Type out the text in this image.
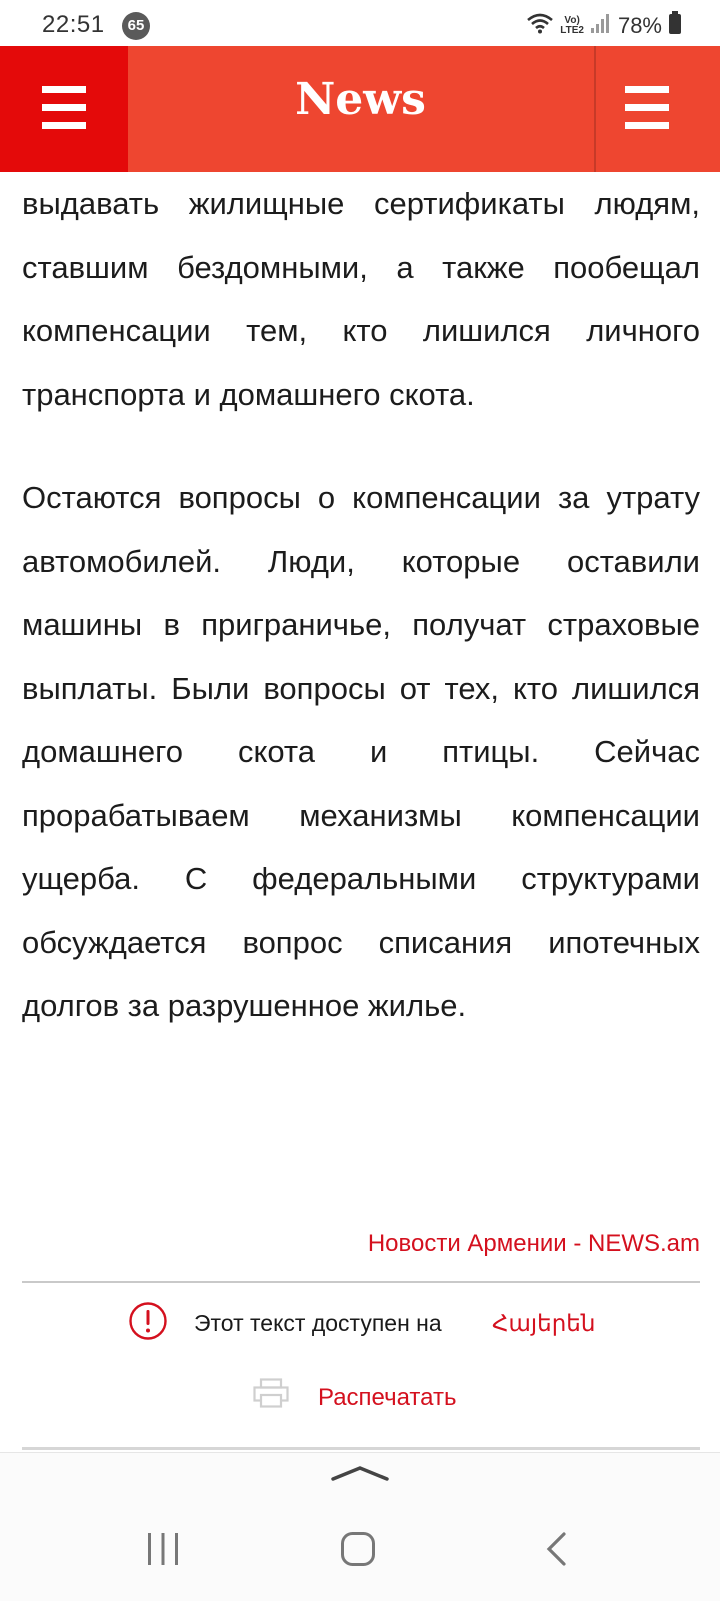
22:51	65	Vo)
LTE2 78%
News

выдавать жилищные сертификаты людям, ставшим бездомными, а также пообещал компенсации тем, кто лишился личного транспорта и домашнего скота.

Остаются вопросы о компенсации за утрату автомобилей. Люди, которые оставили машины в приграничье, получат страховые выплаты. Были вопросы от тех, кто лишился домашнего скота и птицы. Сейчас прорабатываем механизмы компенсации ущерба. С федеральными структурами обсуждается вопрос списания ипотечных долгов за разрушенное жилье.

Новости Армении - NEWS.am
Этот текст доступен на Հայերեն
Распечатать
